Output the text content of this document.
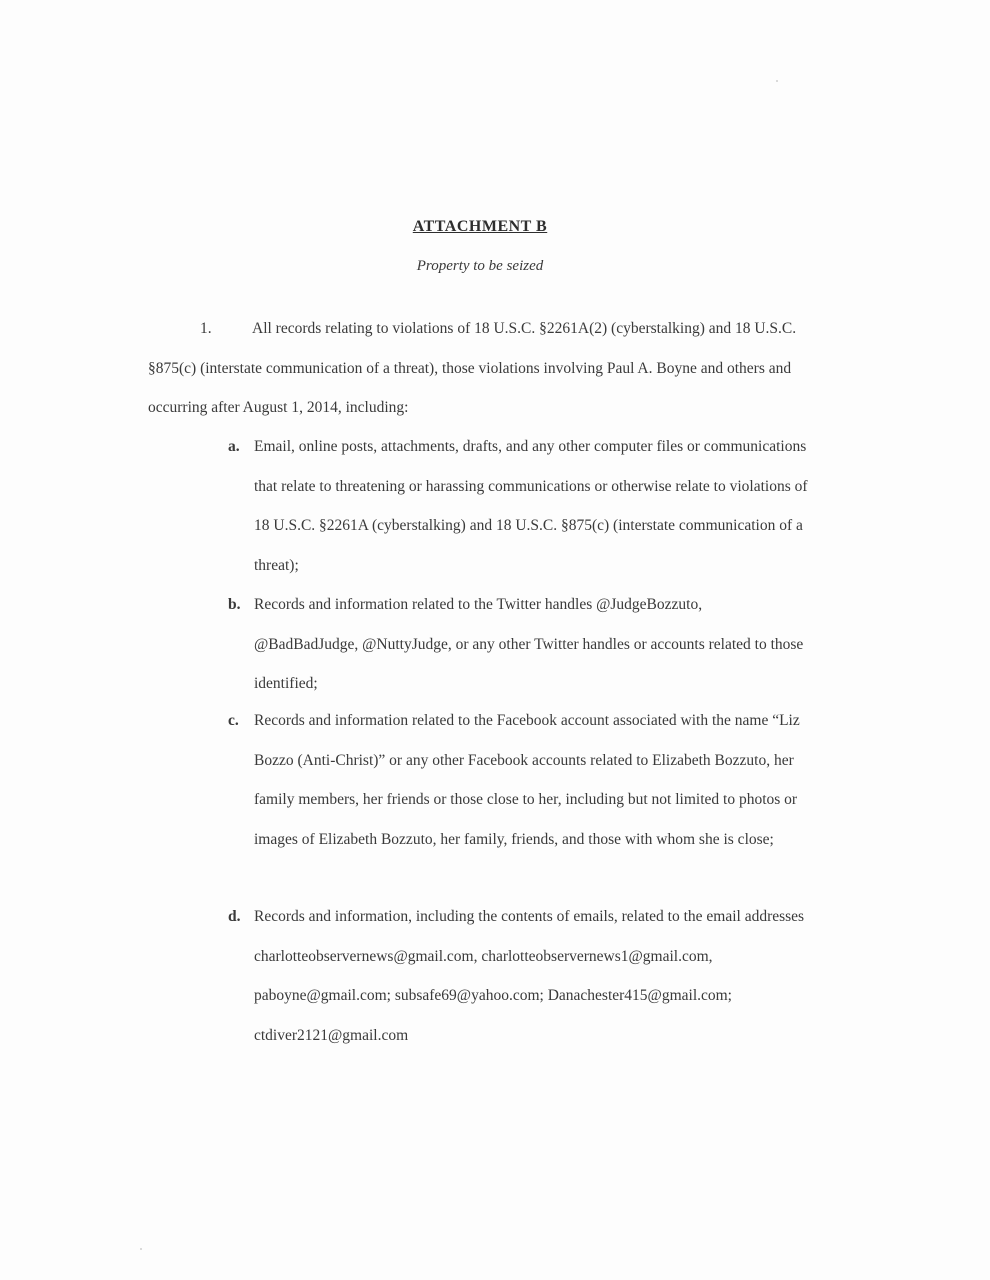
ATTACHMENT B
Property to be seized
1.	All records relating to violations of 18 U.S.C. §2261A(2) (cyberstalking) and 18 U.S.C. §875(c) (interstate communication of a threat), those violations involving Paul A. Boyne and others and occurring after August 1, 2014, including:
a. Email, online posts, attachments, drafts, and any other computer files or communications that relate to threatening or harassing communications or otherwise relate to violations of 18 U.S.C. §2261A (cyberstalking) and 18 U.S.C. §875(c) (interstate communication of a threat);
b. Records and information related to the Twitter handles @JudgeBozzuto, @BadBadJudge, @NuttyJudge, or any other Twitter handles or accounts related to those identified;
c. Records and information related to the Facebook account associated with the name “Liz Bozzo (Anti-Christ)” or any other Facebook accounts related to Elizabeth Bozzuto, her family members, her friends or those close to her, including but not limited to photos or images of Elizabeth Bozzuto, her family, friends, and those with whom she is close;
d. Records and information, including the contents of emails, related to the email addresses charlotteobservernews@gmail.com, charlotteobservernews1@gmail.com, paboyne@gmail.com; subsafe69@yahoo.com; Danachester415@gmail.com; ctdiver2121@gmail.com
